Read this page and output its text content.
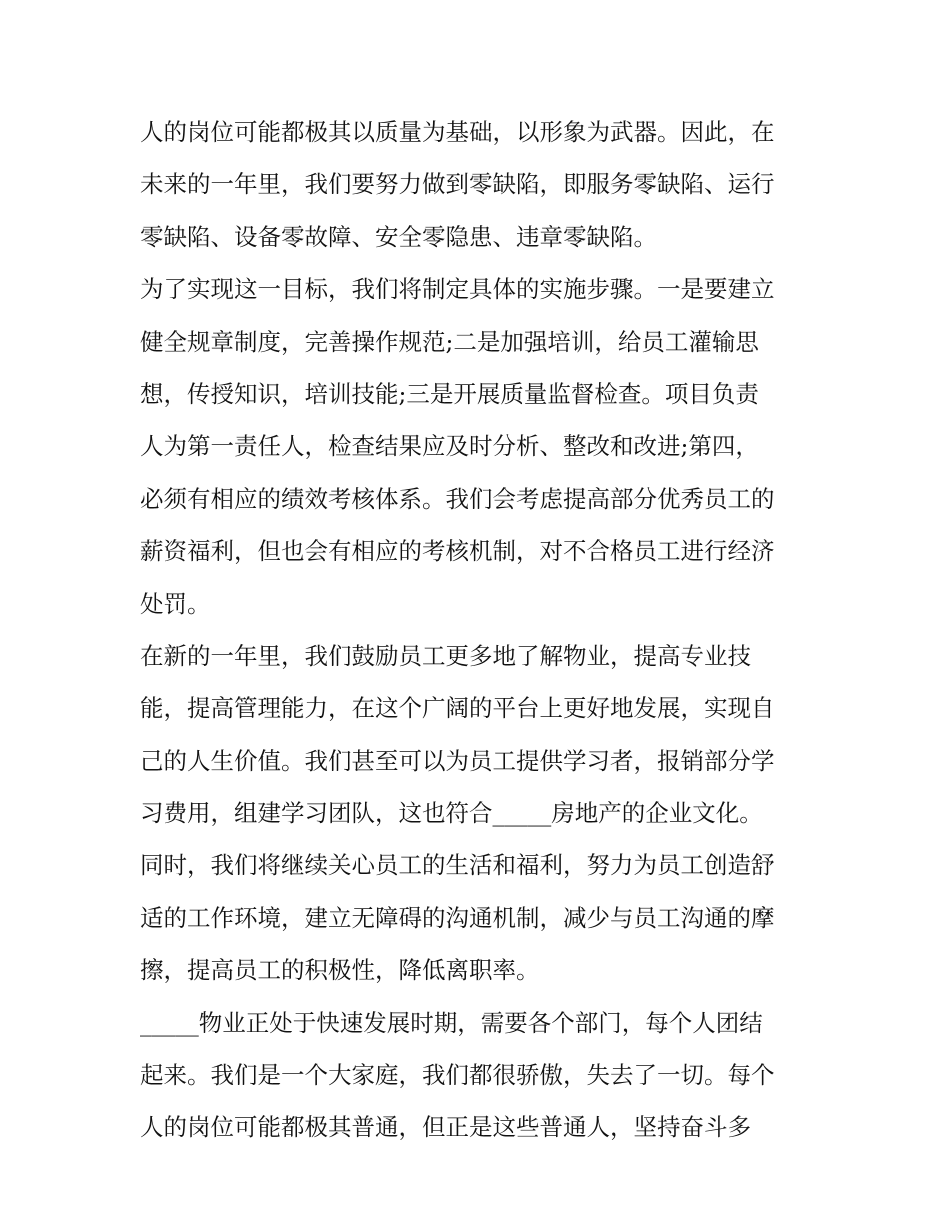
人的岗位可能都极其以质量为基础，以形象为武器。因此，在
未来的一年里，我们要努力做到零缺陷，即服务零缺陷、运行
零缺陷、设备零故障、安全零隐患、违章零缺陷。
为了实现这一目标，我们将制定具体的实施步骤。一是要建立
健全规章制度，完善操作规范;二是加强培训，给员工灌输思
想，传授知识，培训技能;三是开展质量监督检查。项目负责
人为第一责任人，检查结果应及时分析、整改和改进;第四，
必须有相应的绩效考核体系。我们会考虑提高部分优秀员工的
薪资福利，但也会有相应的考核机制，对不合格员工进行经济
处罚。
在新的一年里，我们鼓励员工更多地了解物业，提高专业技
能，提高管理能力，在这个广阔的平台上更好地发展，实现自
己的人生价值。我们甚至可以为员工提供学习者，报销部分学
习费用，组建学习团队，这也符合_____房地产的企业文化。
同时，我们将继续关心员工的生活和福利，努力为员工创造舒
适的工作环境，建立无障碍的沟通机制，减少与员工沟通的摩
擦，提高员工的积极性，降低离职率。
_____物业正处于快速发展时期，需要各个部门，每个人团结
起来。我们是一个大家庭，我们都很骄傲，失去了一切。每个
人的岗位可能都极其普通，但正是这些普通人，坚持奋斗多
